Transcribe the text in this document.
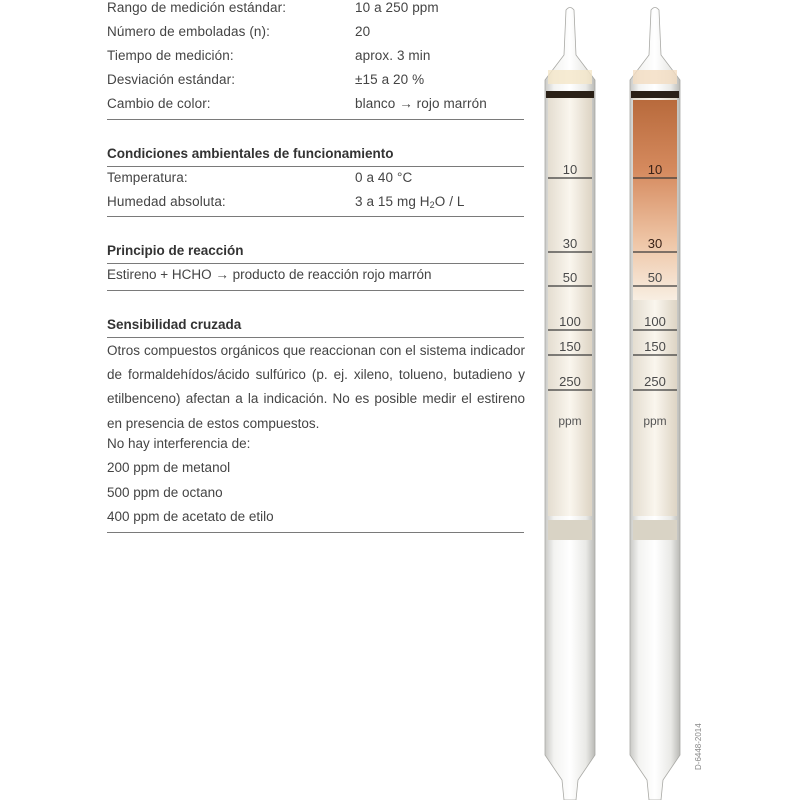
Rango de medición estándar:	10 a 250 ppm
Número de emboladas (n):	20
Tiempo de medición:	aprox. 3 min
Desviación estándar:	±15 a 20 %
Cambio de color:	blanco → rojo marrón
Condiciones ambientales de funcionamiento
Temperatura:	0 a 40 °C
Humedad absoluta:	3 a 15 mg $H_2O$ / L
Principio de reacción
Estireno + HCHO → producto de reacción rojo marrón
Sensibilidad cruzada
Otros compuestos orgánicos que reaccionan con el sistema indicador de formaldehídos/ácido sulfúrico (p. ej. xileno, tolueno, butadieno y etilbenceno) afectan a la indicación. No es posible medir el estireno en presencia de estos compuestos.
No hay interferencia de:
200 ppm de metanol
500 ppm de octano
400 ppm de acetato de etilo
10
30
50
100
150
250
ppm
10
30
50
100
150
250
ppm
D-6448-2014
